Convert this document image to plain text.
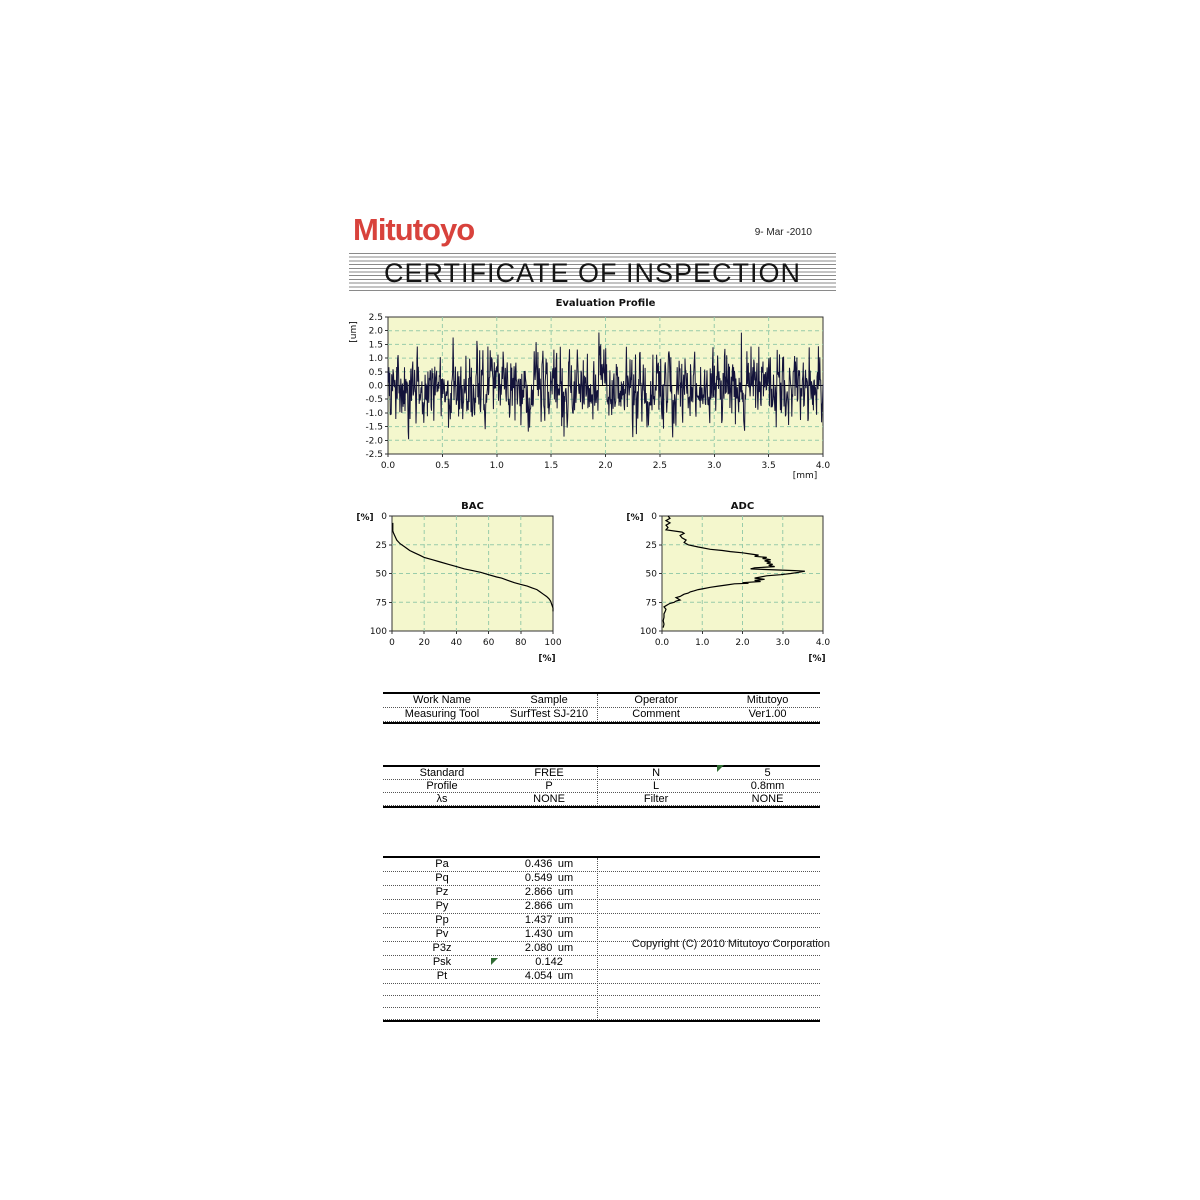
Mitutoyo	9- Mar -2010
CERTIFICATE OF INSPECTION
0.0	0.5	1.0	1.5	2.0	2.5	3.0	3.5	4.0
2.5
2.0
1.5
1.0
0.5
0.0
-0.5
-1.0
-1.5
-2.0
-2.5
Evaluation Profile
[mm]
[um]
0	20 40 60 80 100
0
25
50
75
100
BAC
[%]
[%]
0.0	1.0	2.0	3.0	4.0
0
25
50
75
100
ADC
[%]
[%]
Work Name	Sample	Operator	Mitutoyo
Measuring Tool	SurfTest SJ-210	Comment	Ver1.00
Standard	FREE	N	5
Profile	P	L	0.8mm
λs	NONE	Filter	NONE
Pa	0.436 um
Pq	0.549 um
Pz	2.866 um
Py	2.866 um
Pp	1.437 um
Pv	1.430 um
P3z	2.080 um
Psk	0.142
Pt	4.054 um
Copyright (C) 2010 Mitutoyo Corporation
